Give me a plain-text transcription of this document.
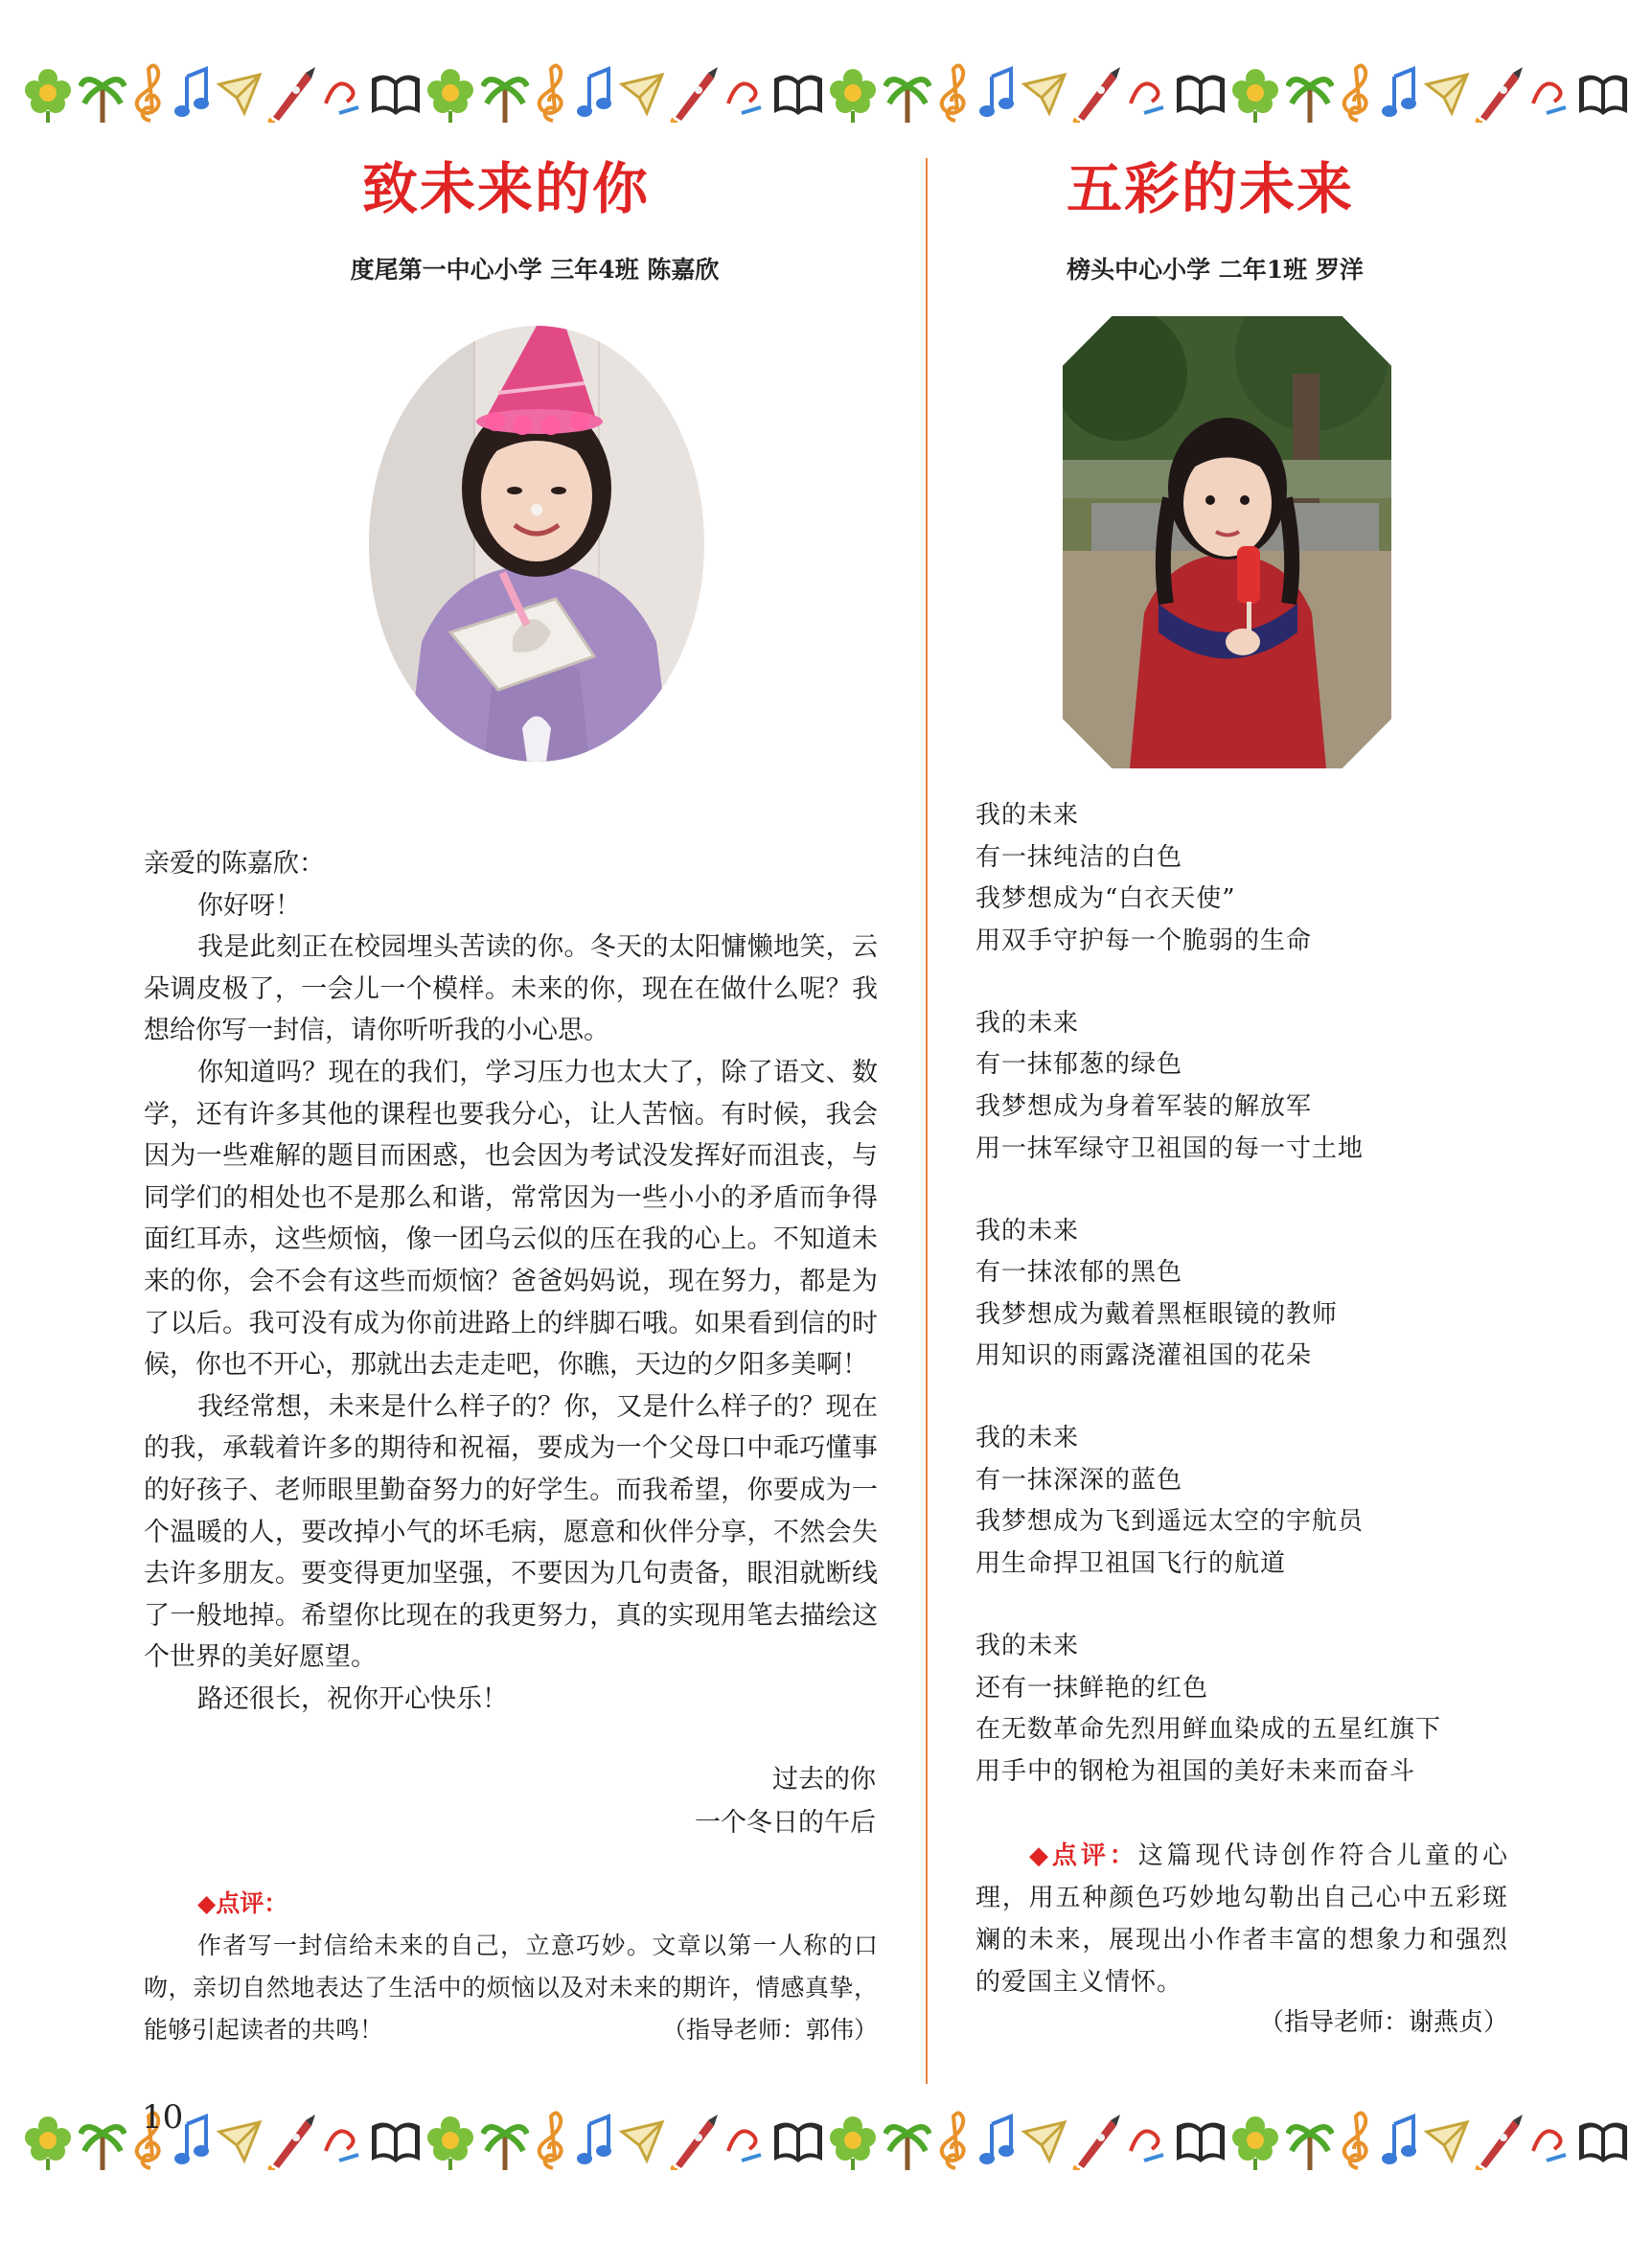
致未来的你
度尾第一中心小学 三年4班 陈嘉欣
五彩的未来
榜头中心小学 二年1班 罗洋

亲爱的陈嘉欣：

你好呀！

我是此刻正在校园埋头苦读的你。冬天的太阳慵懒地笑，云朵调皮极了，一会儿一个模样。未来的你，现在在做什么呢？我想给你写一封信，请你听听我的小心思。

你知道吗？现在的我们，学习压力也太大了，除了语文、数学，还有许多其他的课程也要我分心，让人苦恼。有时候，我会因为一些难解的题目而困惑，也会因为考试没发挥好而沮丧，与同学们的相处也不是那么和谐，常常因为一些小小的矛盾而争得面红耳赤，这些烦恼，像一团乌云似的压在我的心上。不知道未来的你，会不会有这些而烦恼？爸爸妈妈说，现在努力，都是为了以后。我可没有成为你前进路上的绊脚石哦。如果看到信的时候，你也不开心，那就出去走走吧，你瞧，天边的夕阳多美啊！

我经常想，未来是什么样子的？你，又是什么样子的？现在的我，承载着许多的期待和祝福，要成为一个父母口中乖巧懂事的好孩子、老师眼里勤奋努力的好学生。而我希望，你要成为一个温暖的人，要改掉小气的坏毛病，愿意和伙伴分享，不然会失去许多朋友。要变得更加坚强，不要因为几句责备，眼泪就断线了一般地掉。希望你比现在的我更努力，真的实现用笔去描绘这个世界的美好愿望。

路还很长，祝你开心快乐！

过去的你
一个冬日的午后

◆点评：

作者写一封信给未来的自己，立意巧妙。文章以第一人称的口吻，亲切自然地表达了生活中的烦恼以及对未来的期许，情感真挚，能够引起读者的共鸣！	（指导老师：郭伟）

我的未来
有一抹纯洁的白色
我梦想成为“白衣天使”
用双手守护每一个脆弱的生命
我的未来
有一抹郁葱的绿色
我梦想成为身着军装的解放军
用一抹军绿守卫祖国的每一寸土地
我的未来
有一抹浓郁的黑色
我梦想成为戴着黑框眼镜的教师
用知识的雨露浇灌祖国的花朵
我的未来
有一抹深深的蓝色
我梦想成为飞到遥远太空的宇航员
用生命捍卫祖国飞行的航道
我的未来
还有一抹鲜艳的红色
在无数革命先烈用鲜血染成的五星红旗下
用手中的钢枪为祖国的美好未来而奋斗

◆点评：这篇现代诗创作符合儿童的心理，用五种颜色巧妙地勾勒出自己心中五彩斑斓的未来，展现出小作者丰富的想象力和强烈的爱国主义情怀。

（指导老师：谢燕贞）
10
